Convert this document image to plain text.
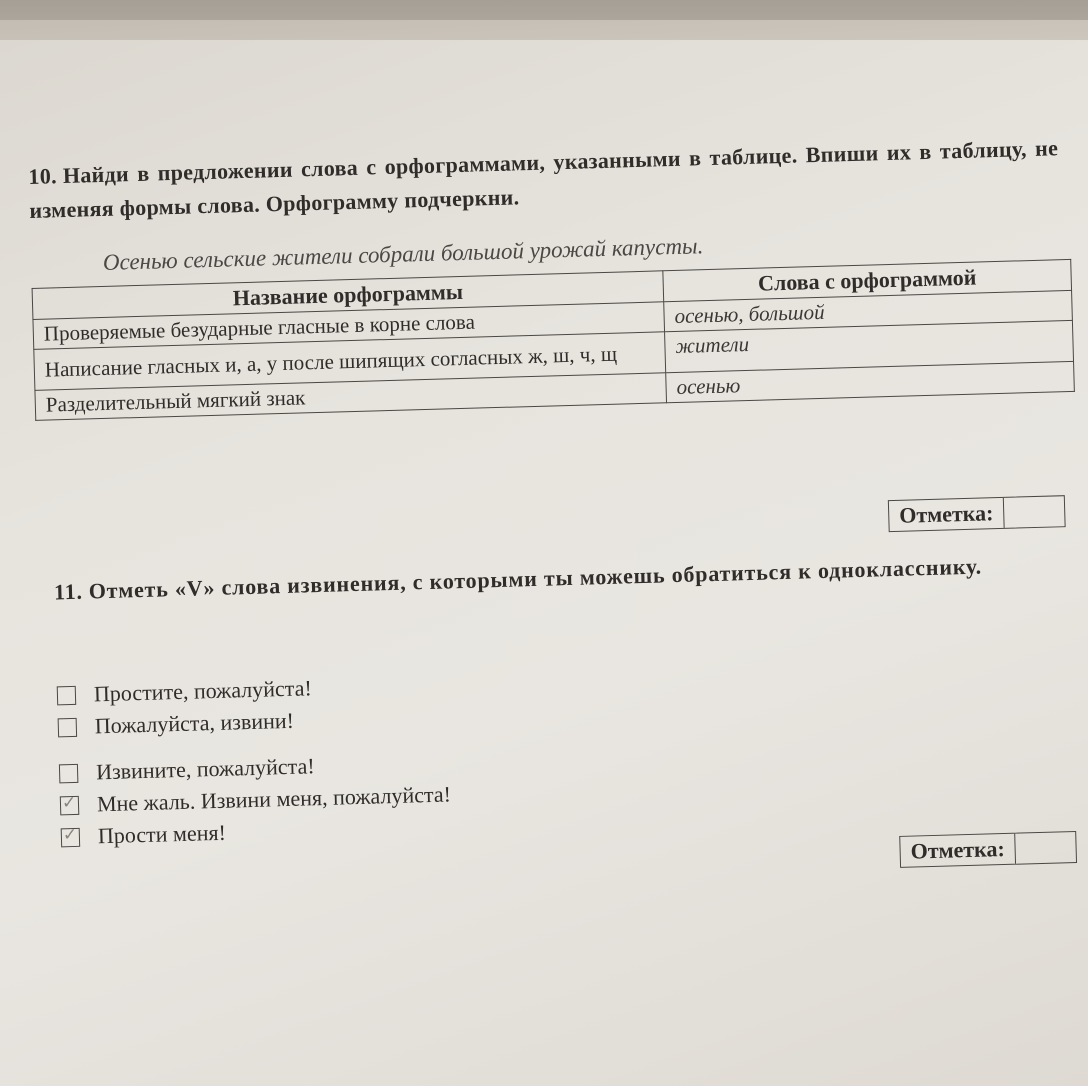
10. Найди в предложении слова с орфограммами, указанными в таблице. Впиши их в таблицу, не изменяя формы слова. Орфограмму подчеркни.
Осенью сельские жители собрали большой урожай капусты.
Название орфограммы	Слова с орфограммой
Проверяемые безударные гласные в корне слова	осенью, большой
Написание гласных и, а, у после шипящих согласных ж, ш, ч, щ	жители
Разделительный мягкий знак	осенью
Отметка:
11. Отметь «V» слова извинения, с которыми ты можешь обратиться к однокласснику.
Простите, пожалуйста!
Пожалуйста, извини!
Извините, пожалуйста!
✓ Мне жаль. Извини меня, пожалуйста!
✓ Прости меня!
Отметка:
